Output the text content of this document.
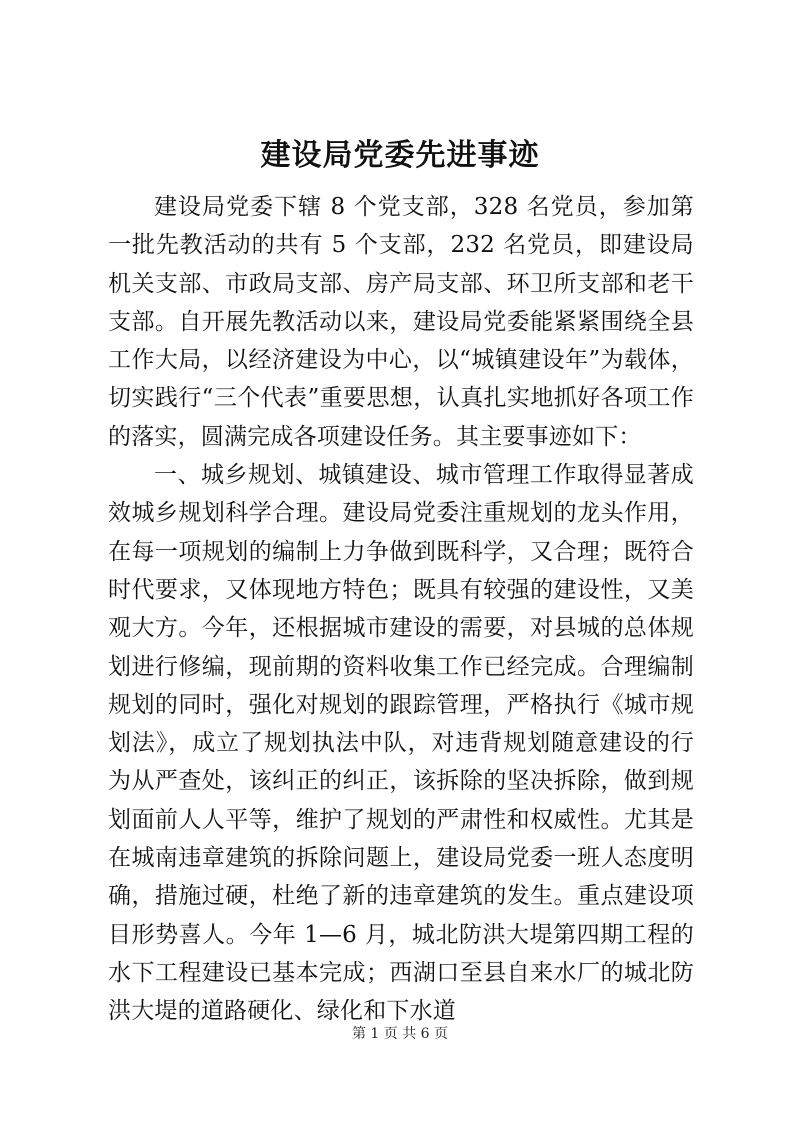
建设局党委先进事迹

建设局党委下辖 8 个党支部，328 名党员，参加第一批先教活动的共有 5 个支部，232 名党员，即建设局机关支部、市政局支部、房产局支部、环卫所支部和老干支部。自开展先教活动以来，建设局党委能紧紧围绕全县工作大局，以经济建设为中心，以“城镇建设年”为载体，切实践行“三个代表”重要思想，认真扎实地抓好各项工作的落实，圆满完成各项建设任务。其主要事迹如下：

一、城乡规划、城镇建设、城市管理工作取得显著成效城乡规划科学合理。建设局党委注重规划的龙头作用，在每一项规划的编制上力争做到既科学，又合理；既符合时代要求，又体现地方特色；既具有较强的建设性，又美观大方。今年，还根据城市建设的需要，对县城的总体规划进行修编，现前期的资料收集工作已经完成。合理编制规划的同时，强化对规划的跟踪管理，严格执行《城市规划法》，成立了规划执法中队，对违背规划随意建设的行为从严查处，该纠正的纠正，该拆除的坚决拆除，做到规划面前人人平等，维护了规划的严肃性和权威性。尤其是在城南违章建筑的拆除问题上，建设局党委一班人态度明确，措施过硬，杜绝了新的违章建筑的发生。重点建设项目形势喜人。今年 1—6 月，城北防洪大堤第四期工程的水下工程建设已基本完成；西湖口至县自来水厂的城北防洪大堤的道路硬化、绿化和下水道

第 1 页 共 6 页
